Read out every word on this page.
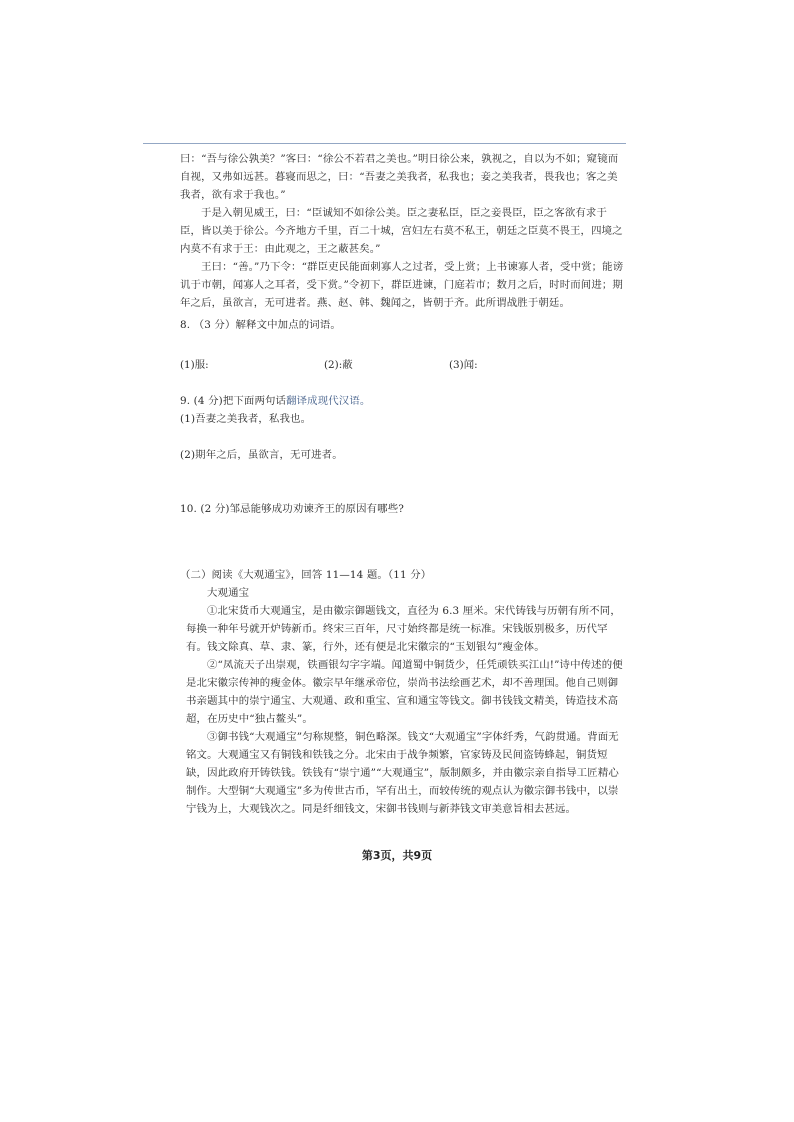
曰：“吾与徐公孰美？”客曰：“徐公不若君之美也。”明日徐公来，孰视之，自以为不如；窥镜而自视，又弗如远甚。暮寝而思之，曰：“吾妻之美我者，私我也；妾之美我者，畏我也；客之美我者，欲有求于我也。”

于是入朝见威王，曰：“臣诚知不如徐公美。臣之妻私臣，臣之妾畏臣，臣之客欲有求于臣，皆以美于徐公。今齐地方千里，百二十城，宫妇左右莫不私王，朝廷之臣莫不畏王，四境之内莫不有求于王：由此观之，王之蔽甚矣。”

王曰：“善。”乃下令：“群臣吏民能面刺寡人之过者，受上赏；上书谏寡人者，受中赏；能谤讥于市朝，闻寡人之耳者，受下赏。”令初下，群臣进谏，门庭若市；数月之后，时时而间进；期年之后，虽欲言，无可进者。燕、赵、韩、魏闻之，皆朝于齐。此所谓战胜于朝廷。

8. （3 分）解释文中加点的词语。

(1)服:	(2):蔽	(3)闻:

9. (4 分)把下面两句话翻译成现代汉语。

(1)吾妻之美我者，私我也。

(2)期年之后，虽欲言，无可进者。

10. (2 分)邹忌能够成功劝谏齐王的原因有哪些?

（二）阅读《大观通宝》，回答 11—14 题。（11 分）

大观通宝

①北宋货币大观通宝，是由徽宗御题钱文，直径为 6.3 厘米。宋代铸钱与历朝有所不同，每换一种年号就开炉铸新币。终宋三百年，尺寸始终都是统一标准。宋钱版别极多，历代罕有。钱文除真、草、隶、篆，行外，还有便是北宋徽宗的“玉划银勾”瘦金体。

②“凤流天子出崇观，铁画银勾字字端。闻道蜀中铜货少，任凭顽铁买江山!”诗中传述的便是北宋徽宗传神的瘦金体。徽宗早年继承帝位，崇尚书法绘画艺术，却不善理国。他自己则御书亲题其中的崇宁通宝、大观通、政和重宝、宣和通宝等钱文。御书钱钱文精美，铸造技术高超，在历史中“独占鳌头”。

③御书钱“大观通宝”匀称规整，铜色略深。钱文“大观通宝”字体纤秀，气韵贯通。背面无铭文。大观通宝又有铜钱和铁钱之分。北宋由于战争频繁，官家铸及民间盗铸蜂起，铜货短缺，因此政府开铸铁钱。铁钱有“崇宁通”“大观通宝”，版制颇多，并由徽宗亲自指导工匠精心制作。大型铜“大观通宝”多为传世古币，罕有出土，而较传统的观点认为徽宗御书钱中，以崇宁钱为上，大观钱次之。同是纤细钱文，宋御书钱则与新莽钱文审美意旨相去甚远。

第3页，共9页
